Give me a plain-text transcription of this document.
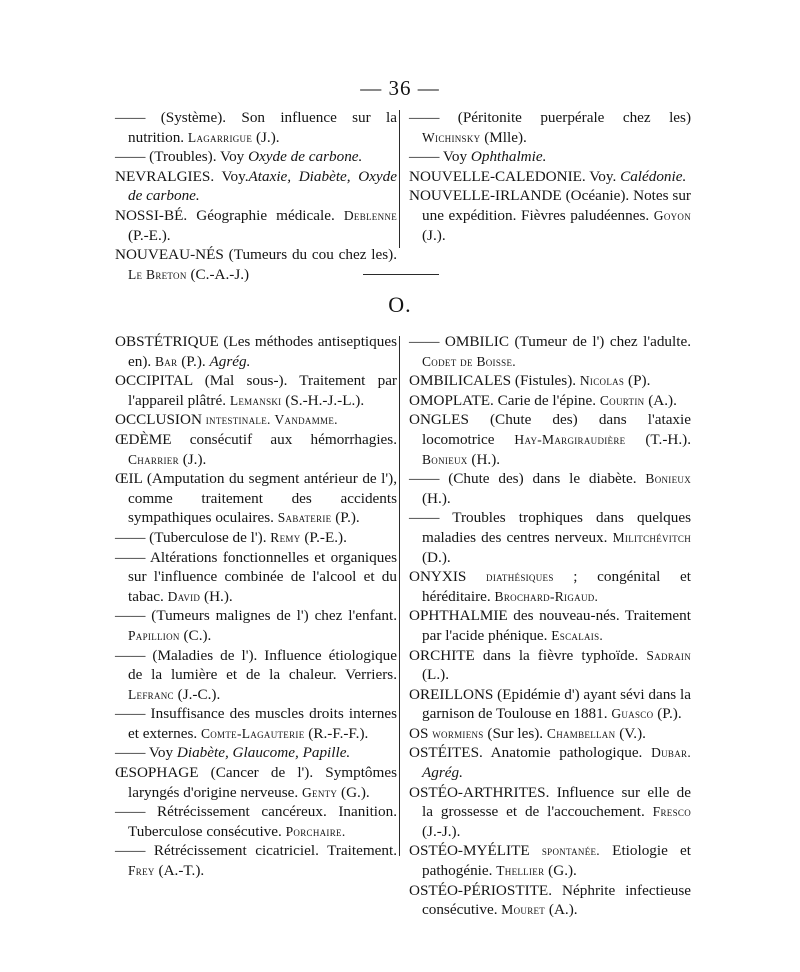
— 36 —

—— (Système). Son influence sur la nutrition. Lagarrigue (J.).

—— (Troubles). Voy Oxyde de carbone.

NEVRALGIES. Voy.Ataxie, Diabète, Oxyde de carbone.

NOSSI-BÉ. Géographie médicale. Deblenne (P.-E.).

NOUVEAU-NÉS (Tumeurs du cou chez les). Le Breton (C.-A.-J.)

—— (Péritonite puerpérale chez les) Wichinsky (Mlle).

—— Voy Ophthalmie.

NOUVELLE-CALEDONIE. Voy. Calédonie.

NOUVELLE-IRLANDE (Océanie). Notes sur une expédition. Fièvres paludéennes. Goyon (J.).

O.

OBSTÉTRIQUE (Les méthodes antiseptiques en). Bar (P.). Agrég.

OCCIPITAL (Mal sous-). Traitement par l'appareil plâtré. Lemanski (S.-H.-J.-L.).

OCCLUSION intestinale. Vandamme.

ŒDÈME consécutif aux hémorrhagies. Charrier (J.).

ŒIL (Amputation du segment antérieur de l'), comme traitement des accidents sympathiques oculaires. Sabaterie (P.).

—— (Tuberculose de l'). Remy (P.-E.).

—— Altérations fonctionnelles et organiques sur l'influence combinée de l'alcool et du tabac. David (H.).

—— (Tumeurs malignes de l') chez l'enfant. Papillion (C.).

—— (Maladies de l'). Influence étiologique de la lumière et de la chaleur. Verriers. Lefranc (J.-C.).

—— Insuffisance des muscles droits internes et externes. Comte-Lagauterie (R.-F.-F.).

—— Voy Diabète, Glaucome, Papille.

ŒSOPHAGE (Cancer de l'). Symptômes laryngés d'origine nerveuse. Genty (G.).

—— Rétrécissement cancéreux. Inanition. Tuberculose consécutive. Porchaire.

—— Rétrécissement cicatriciel. Traitement. Frey (A.-T.).

—— OMBILIC (Tumeur de l') chez l'adulte. Codet de Boisse.

OMBILICALES (Fistules). Nicolas (P).

OMOPLATE. Carie de l'épine. Courtin (A.).

ONGLES (Chute des) dans l'ataxie locomotrice Hay-Margiraudière (T.-H.). Bonieux (H.).

—— (Chute des) dans le diabète. Bonieux (H.).

—— Troubles trophiques dans quelques maladies des centres nerveux. Militchévitch (D.).

ONYXIS diathésiques ; congénital et héréditaire. Brochard-Rigaud.

OPHTHALMIE des nouveau-nés. Traitement par l'acide phénique. Escalais.

ORCHITE dans la fièvre typhoïde. Sadrain (L.).

OREILLONS (Epidémie d') ayant sévi dans la garnison de Toulouse en 1881. Guasco (P.).

OS wormiens (Sur les). Chambellan (V.).

OSTÉITES. Anatomie pathologique. Dubar. Agrég.

OSTÉO-ARTHRITES. Influence sur elle de la grossesse et de l'accouchement. Fresco (J.-J.).

OSTÉO-MYÉLITE spontanée. Etiologie et pathogénie. Thellier (G.).

OSTÉO-PÉRIOSTITE. Néphrite infectieuse consécutive. Mouret (A.).
